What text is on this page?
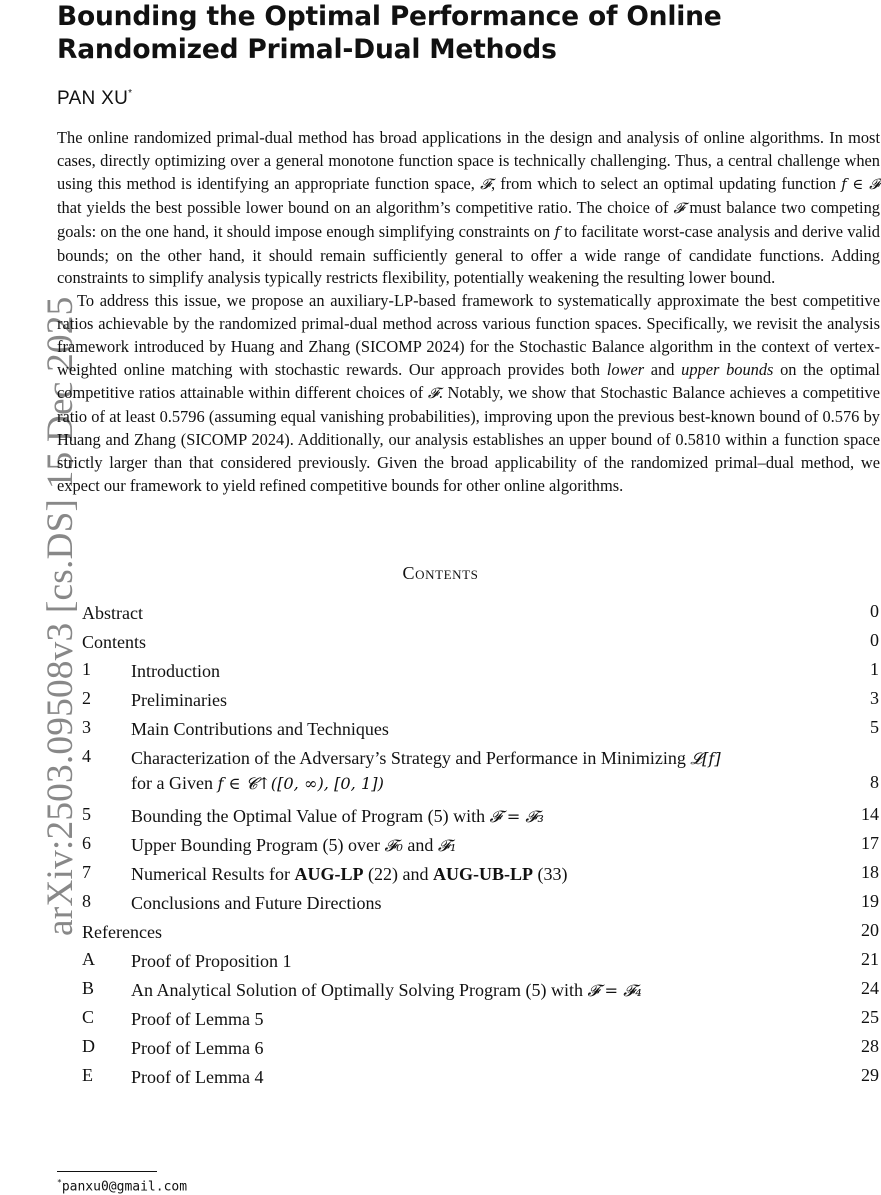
arXiv:2503.09508v3 [cs.DS] 15 Dec 2025
Bounding the Optimal Performance of Online Randomized Primal-Dual Methods
PAN XU*

The online randomized primal-dual method has broad applications in the design and analysis of online algorithms. In most cases, directly optimizing over a general monotone function space is technically challenging. Thus, a central challenge when using this method is identifying an appropriate function space, 𝓕, from which to select an optimal updating function f ∈ 𝓕 that yields the best possible lower bound on an algorithm’s competitive ratio. The choice of 𝓕 must balance two competing goals: on the one hand, it should impose enough simplifying constraints on f to facilitate worst-case analysis and derive valid bounds; on the other hand, it should remain sufficiently general to offer a wide range of candidate functions. Adding constraints to simplify analysis typically restricts flexibility, potentially weakening the resulting lower bound.

To address this issue, we propose an auxiliary-LP-based framework to systematically approximate the best competitive ratios achievable by the randomized primal-dual method across various function spaces. Specifically, we revisit the analysis framework introduced by Huang and Zhang (SICOMP 2024) for the Stochastic Balance algorithm in the context of vertex-weighted online matching with stochastic rewards. Our approach provides both lower and upper bounds on the optimal competitive ratios attainable within different choices of 𝓕. Notably, we show that Stochastic Balance achieves a competitive ratio of at least 0.5796 (assuming equal vanishing probabilities), improving upon the previous best-known bound of 0.576 by Huang and Zhang (SICOMP 2024). Additionally, our analysis establishes an upper bound of 0.5810 within a function space strictly larger than that considered previously. Given the broad applicability of the randomized primal–dual method, we expect our framework to yield refined competitive bounds for other online algorithms.

Contents
Abstract	0
Contents	0
1 Introduction	1
2 Preliminaries	3
3 Main Contributions and Techniques	5
4 Characterization of the Adversary’s Strategy and Performance in Minimizing 𝓛[f]
for a Given f ∈ 𝓒↑([0, ∞), [0, 1])	8
5 Bounding the Optimal Value of Program (5) with 𝓕 = 𝓕₃	14
6 Upper Bounding Program (5) over 𝓕₀ and 𝓕₁	17
7 Numerical Results for AUG-LP (22) and AUG-UB-LP (33)	18
8 Conclusions and Future Directions	19
References	20
A Proof of Proposition 1	21
B An Analytical Solution of Optimally Solving Program (5) with 𝓕 = 𝓕₄	24
C Proof of Lemma 5	25
D Proof of Lemma 6	28
E Proof of Lemma 4	29
*panxu0@gmail.com
